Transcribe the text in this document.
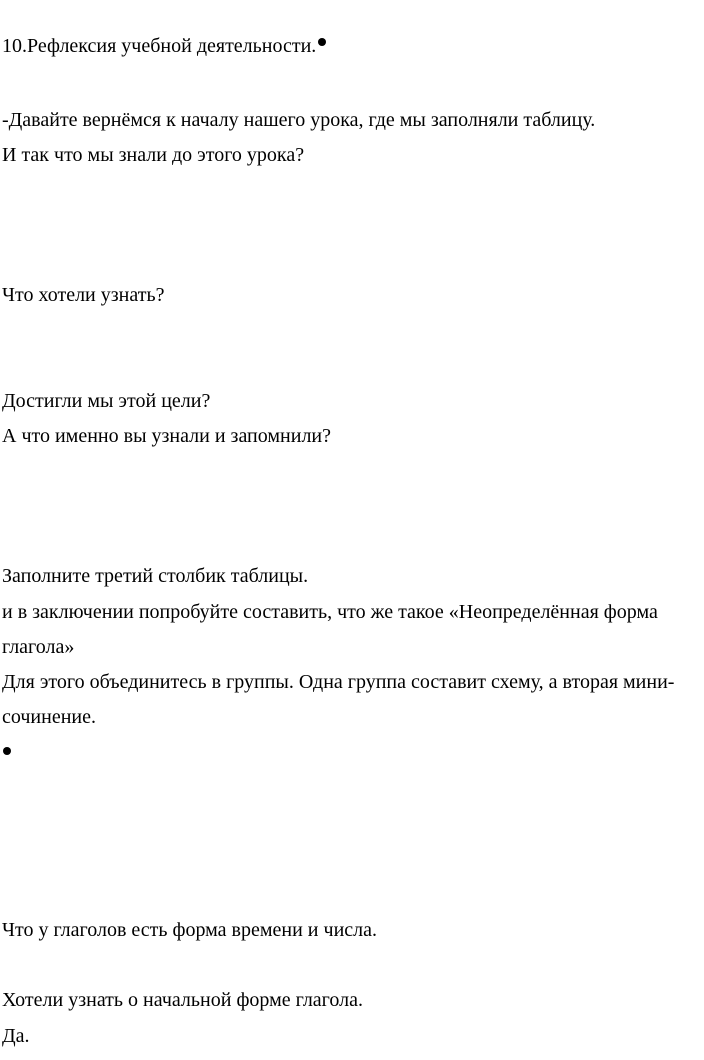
10.Рефлексия учебной деятельности.
-Давайте вернёмся к началу нашего урока, где мы заполняли таблицу.
И так что мы знали до этого урока?
Что хотели узнать?
Достигли мы этой цели?
А что именно вы узнали и запомнили?
Заполните третий столбик таблицы.
и в заключении попробуйте составить, что же такое «Неопределённая форма
глагола»
Для этого объединитесь в группы. Одна группа составит схему, а вторая мини-
сочинение.
Что у глаголов есть форма времени и числа.
Хотели узнать о начальной форме глагола.
Да.
